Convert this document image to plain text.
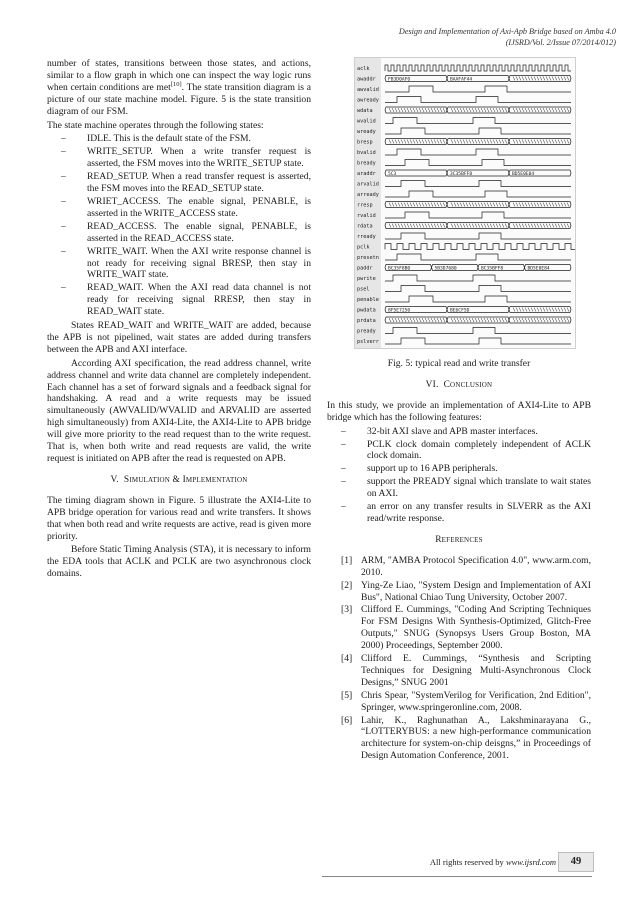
Design and Implementation of Axi-Apb Bridge based on Amba 4.0
(IJSRD/Vol. 2/Issue 07/2014/012)

number of states, transitions between those states, and actions, similar to a flow graph in which one can inspect the way logic runs when certain conditions are met[10]. The state transition diagram is a picture of our state machine model. Figure. 5 is the state transition diagram of our FSM.

The state machine operates through the following states:

– IDLE. This is the default state of the FSM.
– WRITE_SETUP. When a write transfer request is asserted, the FSM moves into the WRITE_SETUP state.
– READ_SETUP. When a read transfer request is asserted, the FSM moves into the READ_SETUP state.
– WRIET_ACCESS. The enable signal, PENABLE, is asserted in the WRITE_ACCESS state.
– READ_ACCESS. The enable signal, PENABLE, is asserted in the READ_ACCESS state.
– WRITE_WAIT. When the AXI write response channel is not ready for receiving signal BRESP, then stay in WRITE_WAIT state.
– READ_WAIT. When the AXI read data channel is not ready for receiving signal RRESP, then stay in READ_WAIT state.

States READ_WAIT and WRITE_WAIT are added, because the APB is not pipelined, wait states are added during transfers between the APB and AXI interface.

According AXI specification, the read address channel, write address channel and write data channel are completely independent. Each channel has a set of forward signals and a feedback signal for handshaking. A read and a write requests may be issued simultaneously (AWVALID/WVALID and ARVALID are asserted high simultaneously) from AXI4-Lite, the AXI4-Lite to APB bridge will give more priority to the read request than to the write request. That is, when both write and read requests are valid, the write request is initiated on APB after the read is requested on APB.

V. Simulation & Implementation

The timing diagram shown in Figure. 5 illustrate the AXI4-Lite to APB bridge operation for various read and write transfers. It shows that when both read and write requests are active, read is given more priority.

Before Static Timing Analysis (STA), it is necessary to inform the EDA tools that ACLK and PCLK are two asynchronous clock domains.

aclk
awaddr	FB3D0AF0	BAAFAF44
awvalid
awready
wdata
wvalid
wready
bresp
bvalid
bready
araddr	5C3	3C35BFF8	BD5E0E04
arvalid
arready
rresp
rvalid
rdata
rready
pclk
presetn
paddr	BC35F8B0	5B3D7680	BC35BFF8	BD5E0E84
pwrite
psel
penable
pwdata	8F5E7250	BE6CF5D
prdata
pready
pslverr

Fig. 5: typical read and write transfer

VI. Conclusion

In this study, we provide an implementation of AXI4-Lite to APB bridge which has the following features:

– 32-bit AXI slave and APB master interfaces.
– PCLK clock domain completely independent of ACLK clock domain.
– support up to 16 APB peripherals.
– support the PREADY signal which translate to wait states on AXI.
– an error on any transfer results in SLVERR as the AXI read/write response.
References
[1] ARM, "AMBA Protocol Specification 4.0", www.arm.com, 2010.
[2] Ying-Ze Liao, "System Design and Implementation of AXI Bus", National Chiao Tung University, October 2007.
[3] Clifford E. Cummings, "Coding And Scripting Techniques For FSM Designs With Synthesis-Optimized, Glitch-Free Outputs," SNUG (Synopsys Users Group Boston, MA 2000) Proceedings, September 2000.
[4] Clifford E. Cummings, “Synthesis and Scripting Techniques for Designing Multi-Asynchronous Clock Designs,” SNUG 2001
[5] Chris Spear, "SystemVerilog for Verification, 2nd Edition", Springer, www.springeronline.com, 2008.
[6] Lahir, K., Raghunathan A., Lakshminarayana G., “LOTTERYBUS: a new high-performance communication architecture for system-on-chip deisgns,” in Proceedings of Design Automation Conference, 2001.
All rights reserved by www.ijsrd.com	49
